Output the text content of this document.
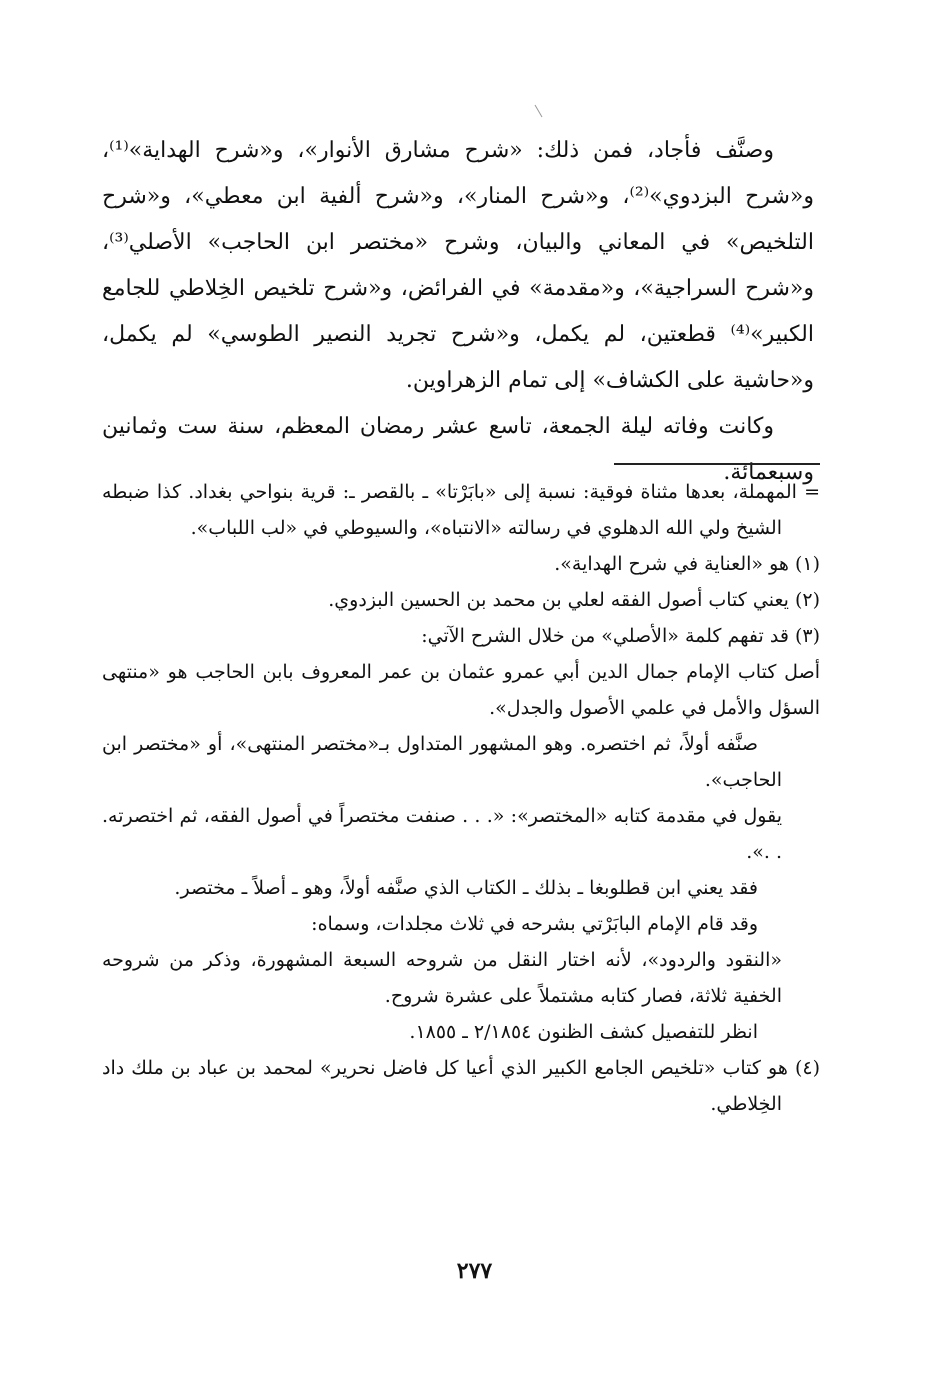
وصنَّف فأجاد، فمن ذلك: «شرح مشارق الأنوار»، و«شرح الهداية»⁽¹⁾، و«شرح البزدوي»⁽²⁾، و«شرح المنار»، و«شرح ألفية ابن معطي»، و«شرح التلخيص» في المعاني والبيان، وشرح «مختصر ابن الحاجب» الأصلي⁽³⁾، و«شرح السراجية»، و«مقدمة» في الفرائض، و«شرح تلخيص الخِلاطي للجامع الكبير»⁽⁴⁾ قطعتين، لم يكمل، و«شرح تجريد النصير الطوسي» لم يكمل، و«حاشية على الكشاف» إلى تمام الزهراوين.

وكانت وفاته ليلة الجمعة، تاسع عشر رمضان المعظم، سنة ست وثمانين وسبعمائة.

= المهملة، بعدها مثناة فوقية: نسبة إلى «بابَرْتا» ـ بالقصر ـ: قرية بنواحي بغداد. كذا ضبطه الشيخ ولي الله الدهلوي في رسالته «الانتباه»، والسيوطي في «لب اللباب».

(١) هو «العناية في شرح الهداية».

(٢) يعني كتاب أصول الفقه لعلي بن محمد بن الحسين البزدوي.

(٣) قد تفهم كلمة «الأصلي» من خلال الشرح الآتي:

أصل كتاب الإمام جمال الدين أبي عمرو عثمان بن عمر المعروف بابن الحاجب هو «منتهى السؤل والأمل في علمي الأصول والجدل».

صنَّفه أولاً، ثم اختصره. وهو المشهور المتداول بـ«مختصر المنتهى»، أو «مختصر ابن الحاجب».

يقول في مقدمة كتابه «المختصر»: «. . . صنفت مختصراً في أصول الفقه، ثم اختصرته. . .».

فقد يعني ابن قطلوبغا ـ بذلك ـ الكتاب الذي صنَّفه أولاً، وهو ـ أصلاً ـ مختصر.

وقد قام الإمام البابَرْتي بشرحه في ثلاث مجلدات، وسماه:

«النقود والردود»، لأنه اختار النقل من شروحه السبعة المشهورة، وذكر من شروحه الخفية ثلاثة، فصار كتابه مشتملاً على عشرة شروح.

انظر للتفصيل كشف الظنون ٢/١٨٥٤ ـ ١٨٥٥.

(٤) هو كتاب «تلخيص الجامع الكبير الذي أعيا كل فاضل نحرير» لمحمد بن عباد بن ملك داد الخِلاطي.

٢٧٧
